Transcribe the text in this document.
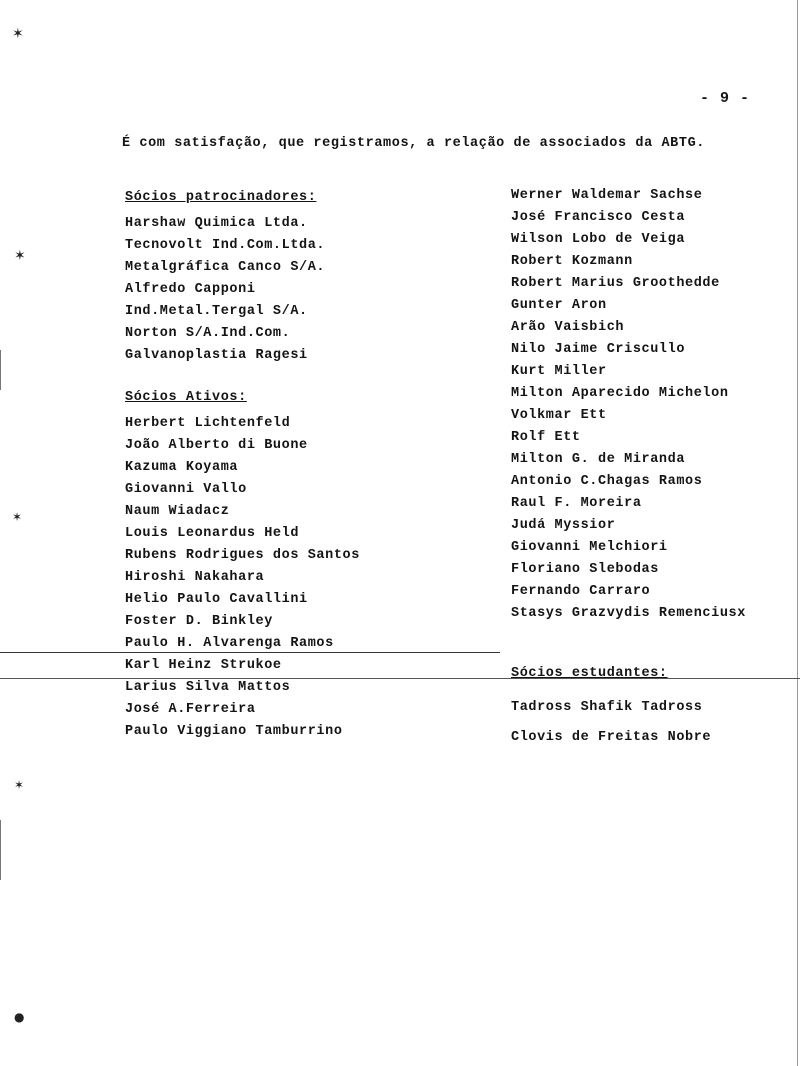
✶
✶
✶
✶
●
- 9 -
É com satisfação, que registramos, a relação de associados da ABTG.
Sócios patrocinadores:
Harshaw Quimica Ltda.
Tecnovolt Ind.Com.Ltda.
Metalgráfica Canco S/A.
Alfredo Capponi
Ind.Metal.Tergal S/A.
Norton S/A.Ind.Com.
Galvanoplastia Ragesi
Sócios Ativos:
Herbert Lichtenfeld
João Alberto di Buone
Kazuma Koyama
Giovanni Vallo
Naum Wiadacz
Louis Leonardus Held
Rubens Rodrigues dos Santos
Hiroshi Nakahara
Helio Paulo Cavallini
Foster D. Binkley
Paulo H. Alvarenga Ramos
Karl Heinz Strukoe
Larius Silva Mattos
José A.Ferreira
Paulo Viggiano Tamburrino
Werner Waldemar Sachse
José Francisco Cesta
Wilson Lobo de Veiga
Robert Kozmann
Robert Marius Groothedde
Gunter Aron
Arão Vaisbich
Nilo Jaime Criscullo
Kurt Miller
Milton Aparecido Michelon
Volkmar Ett
Rolf Ett
Milton G. de Miranda
Antonio C.Chagas Ramos
Raul F. Moreira
Judá Myssior
Giovanni Melchiori
Floriano Slebodas
Fernando Carraro
Stasys Grazvydis Remenciusx
Sócios estudantes:
Tadross Shafik Tadross
Clovis de Freitas Nobre
